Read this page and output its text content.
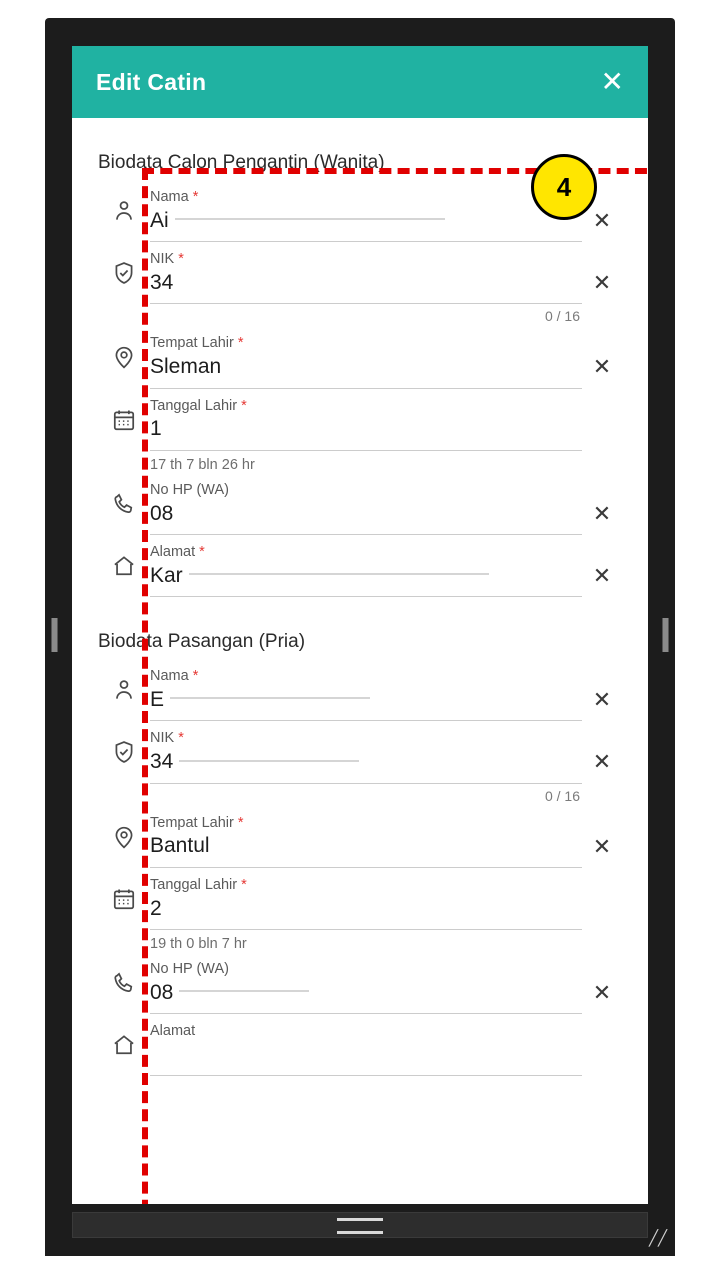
Edit Catin	✕
Biodata Calon Pengantin (Wanita)
Nama *
Ai	✕
NIK *
34	✕
0 / 16
Tempat Lahir *
Sleman	✕
Tanggal Lahir *
1
17 th 7 bln 26 hr
No HP (WA)
08	✕
Alamat *
Kar	✕
Biodata Pasangan (Pria)
Nama *
E	✕
NIK *
34	✕
0 / 16
Tempat Lahir *
Bantul	✕
Tanggal Lahir *
2
19 th 0 bln 7 hr
No HP (WA)
08	✕
Alamat
4
╱╱
